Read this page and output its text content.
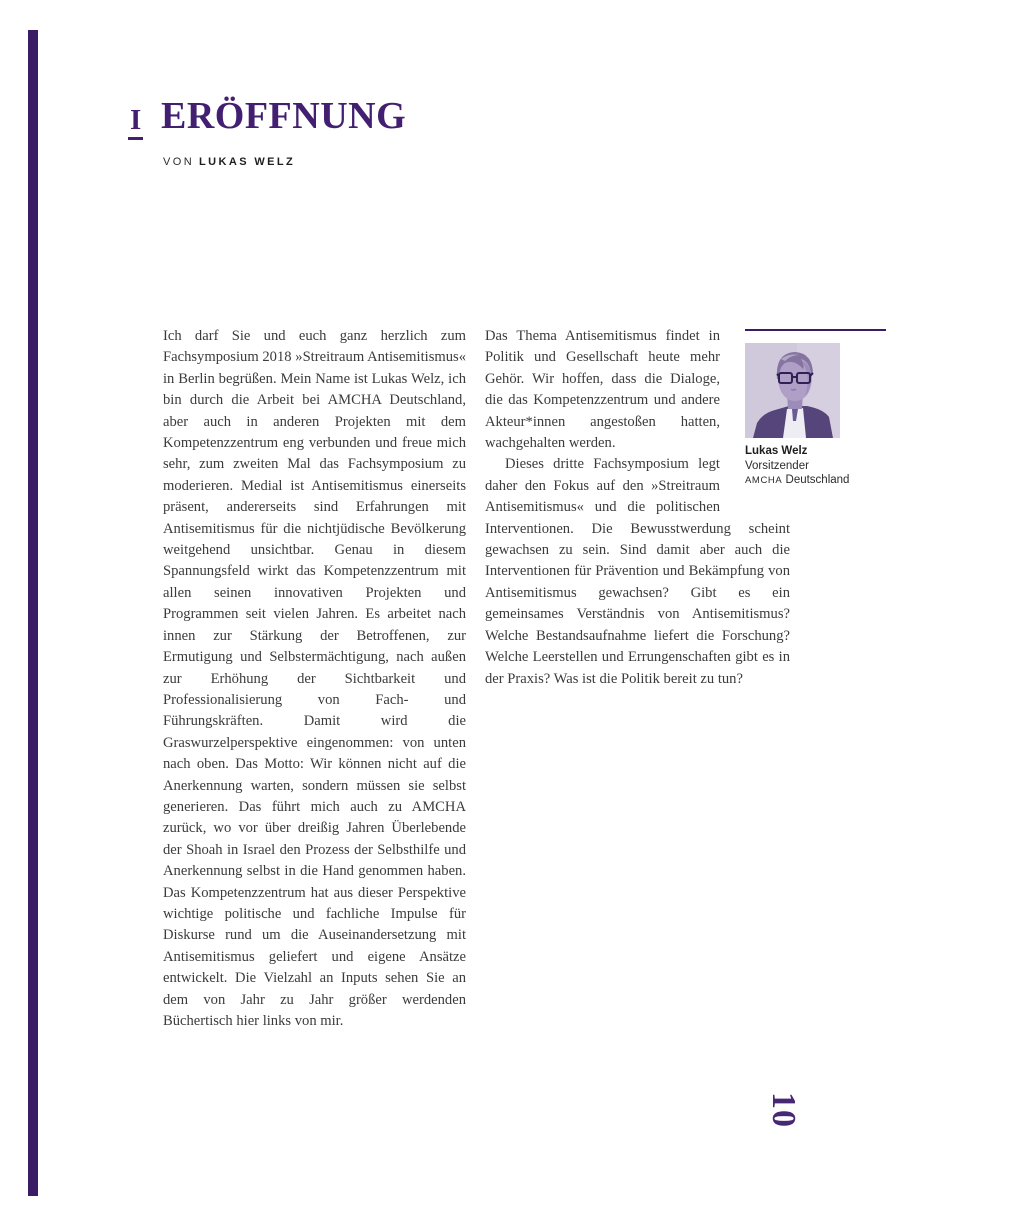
I ERÖFFNUNG
VON LUKAS WELZ

Ich darf Sie und euch ganz herzlich zum Fachsymposium 2018 »Streitraum Antisemitismus« in Berlin begrüßen. Mein Name ist Lukas Welz, ich bin durch die Arbeit bei AMCHA Deutschland, aber auch in anderen Projekten mit dem Kompetenzzentrum eng verbunden und freue mich sehr, zum zweiten Mal das Fachsymposium zu moderieren. Medial ist Antisemitismus einerseits präsent, andererseits sind Erfahrungen mit Antisemitismus für die nichtjüdische Bevölkerung weitgehend unsichtbar. Genau in diesem Spannungsfeld wirkt das Kompetenzzentrum mit allen seinen innovativen Projekten und Programmen seit vielen Jahren. Es arbeitet nach innen zur Stärkung der Betroffenen, zur Ermutigung und Selbstermächtigung, nach außen zur Erhöhung der Sichtbarkeit und Professionalisierung von Fach- und Führungskräften. Damit wird die Graswurzelperspektive eingenommen: von unten nach oben. Das Motto: Wir können nicht auf die Anerkennung warten, sondern müssen sie selbst generieren. Das führt mich auch zu AMCHA zurück, wo vor über dreißig Jahren Überlebende der Shoah in Israel den Prozess der Selbsthilfe und Anerkennung selbst in die Hand genommen haben. Das Kompetenzzentrum hat aus dieser Perspektive wichtige politische und fachliche Impulse für Diskurse rund um die Auseinandersetzung mit Antisemitismus geliefert und eigene Ansätze entwickelt. Die Vielzahl an Inputs sehen Sie an dem von Jahr zu Jahr größer werdenden Büchertisch hier links von mir.

Das Thema Antisemitismus findet in Politik und Gesellschaft heute mehr Gehör. Wir hoffen, dass die Dialoge, die das Kompetenzzentrum und andere Akteur*innen angestoßen hatten, wachgehalten werden.

Dieses dritte Fachsymposium legt daher den Fokus auf den »Streitraum Antisemitismus« und die politischen Interventionen. Die Bewusstwerdung scheint gewachsen zu sein. Sind damit aber auch die Interventionen für Prävention und Bekämpfung von Antisemitismus gewachsen? Gibt es ein gemeinsames Verständnis von Antisemitismus? Welche Bestandsaufnahme liefert die Forschung? Welche Leerstellen und Errungenschaften gibt es in der Praxis? Was ist die Politik bereit zu tun?

Lukas Welz
Vorsitzender
AMCHA Deutschland
10
